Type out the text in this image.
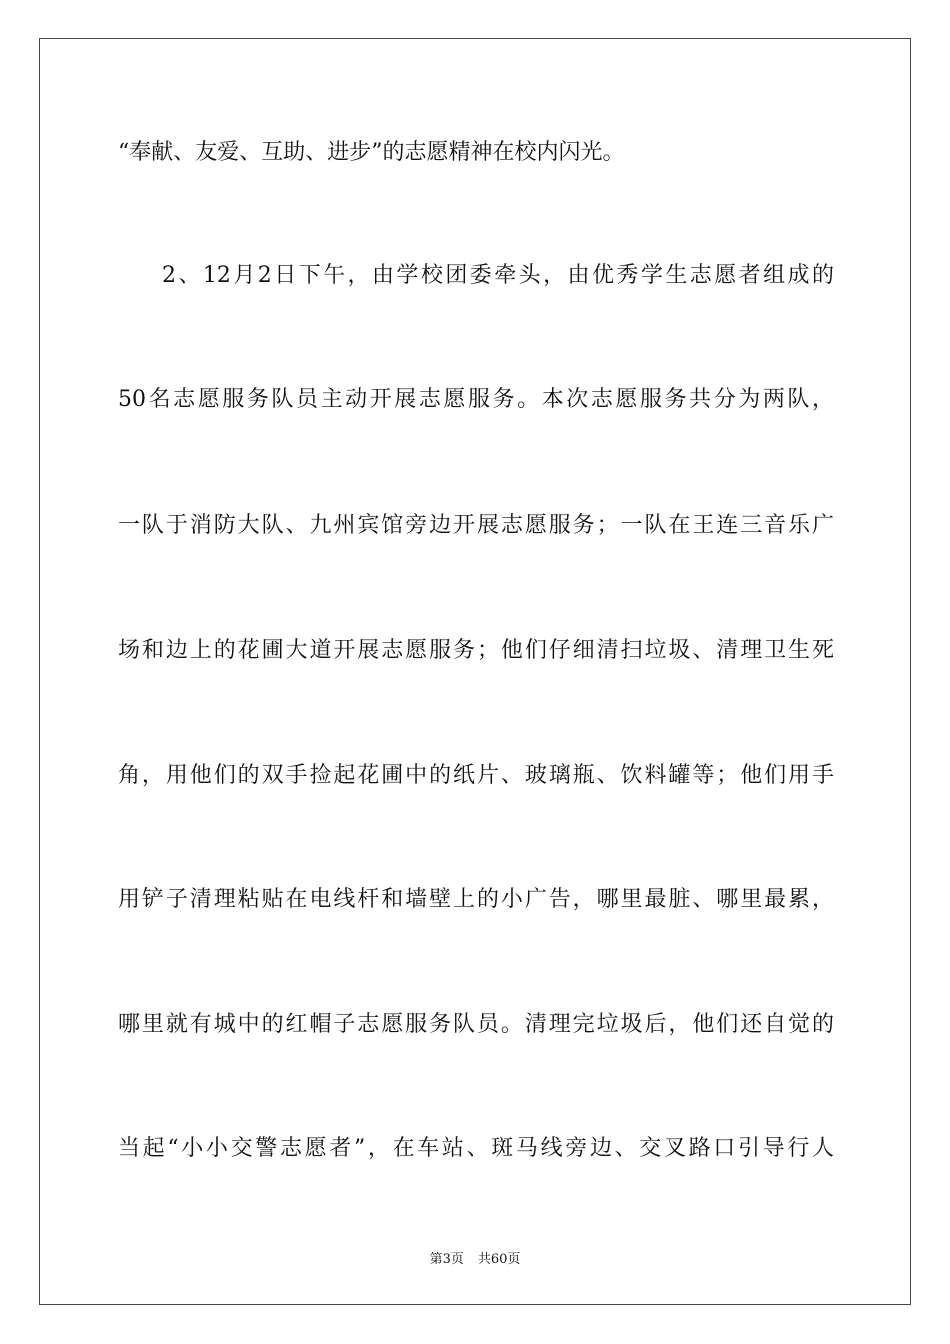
“奉献、友爱、互助、进步”的志愿精神在校内闪光。
2、12月2日下午，由学校团委牵头，由优秀学生志愿者组成的
50名志愿服务队员主动开展志愿服务。本次志愿服务共分为两队，
一队于消防大队、九州宾馆旁边开展志愿服务；一队在王连三音乐广
场和边上的花圃大道开展志愿服务；他们仔细清扫垃圾、清理卫生死
角，用他们的双手捡起花圃中的纸片、玻璃瓶、饮料罐等；他们用手
用铲子清理粘贴在电线杆和墙壁上的小广告，哪里最脏、哪里最累，
哪里就有城中的红帽子志愿服务队员。清理完垃圾后，他们还自觉的
当起“小小交警志愿者”，在车站、斑马线旁边、交叉路口引导行人
第3页 共60页
